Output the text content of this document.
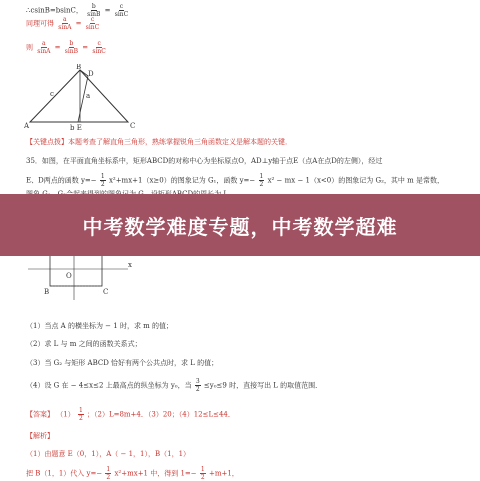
∴csinB=bsinC， $\frac{b}{\sin B} = \frac{c}{\sin C}$
同理可得 $\frac{a}{\sin A} = \frac{c}{\sin C}$
则 $\frac{a}{\sin A} = \frac{b}{\sin B} = \frac{c}{\sin C}$
B
D
a
c
A	C
b E
【关键点拨】本题考查了解直角三角形，熟练掌握锐角三角函数定义是解本题的关键．
35．如图，在平面直角坐标系中，矩形ABCD的对称中心为坐标原点O，AD⊥y轴于点E（点A在点D的左侧），经过
E、D两点的函数 $y=- \frac{1}{2} x^2+mx+1(x\ge 0)$的图象记为 G₁，函数 $y=- \frac{1}{2} x^2$ − mx − 1（x<0）的图象记为 G₂，其中 m 是常数，
O
x
B	C
（1）当点 A 的横坐标为 − 1 时，求 m 的值；
（2）求 L 与 m 之间的函数关系式；
（3）当 G₂ 与矩形 ABCD 恰好有两个公共点时，求 L 的值；
（4）设 G 在 − 4≤x≤2 上最高点的纵坐标为 y₀，当 $\frac{3}{2} \le y_0\le 9$ 时，直接写出 L 的取值范围．
【答案】 $(1) \frac{1}{2}$ ；（2）L=8m+4．（3）20；（4）12≤L≤44．
【解析】
（1）由题意 E（0，1），A（ − 1，1），B（1，1）
把 B（1，1）代入 $y=- \frac{1}{2} x^2+mx+1$ 中，得到 $1=- \frac{1}{2} +m+1$，
中考数学难度专题，中考数学超难
